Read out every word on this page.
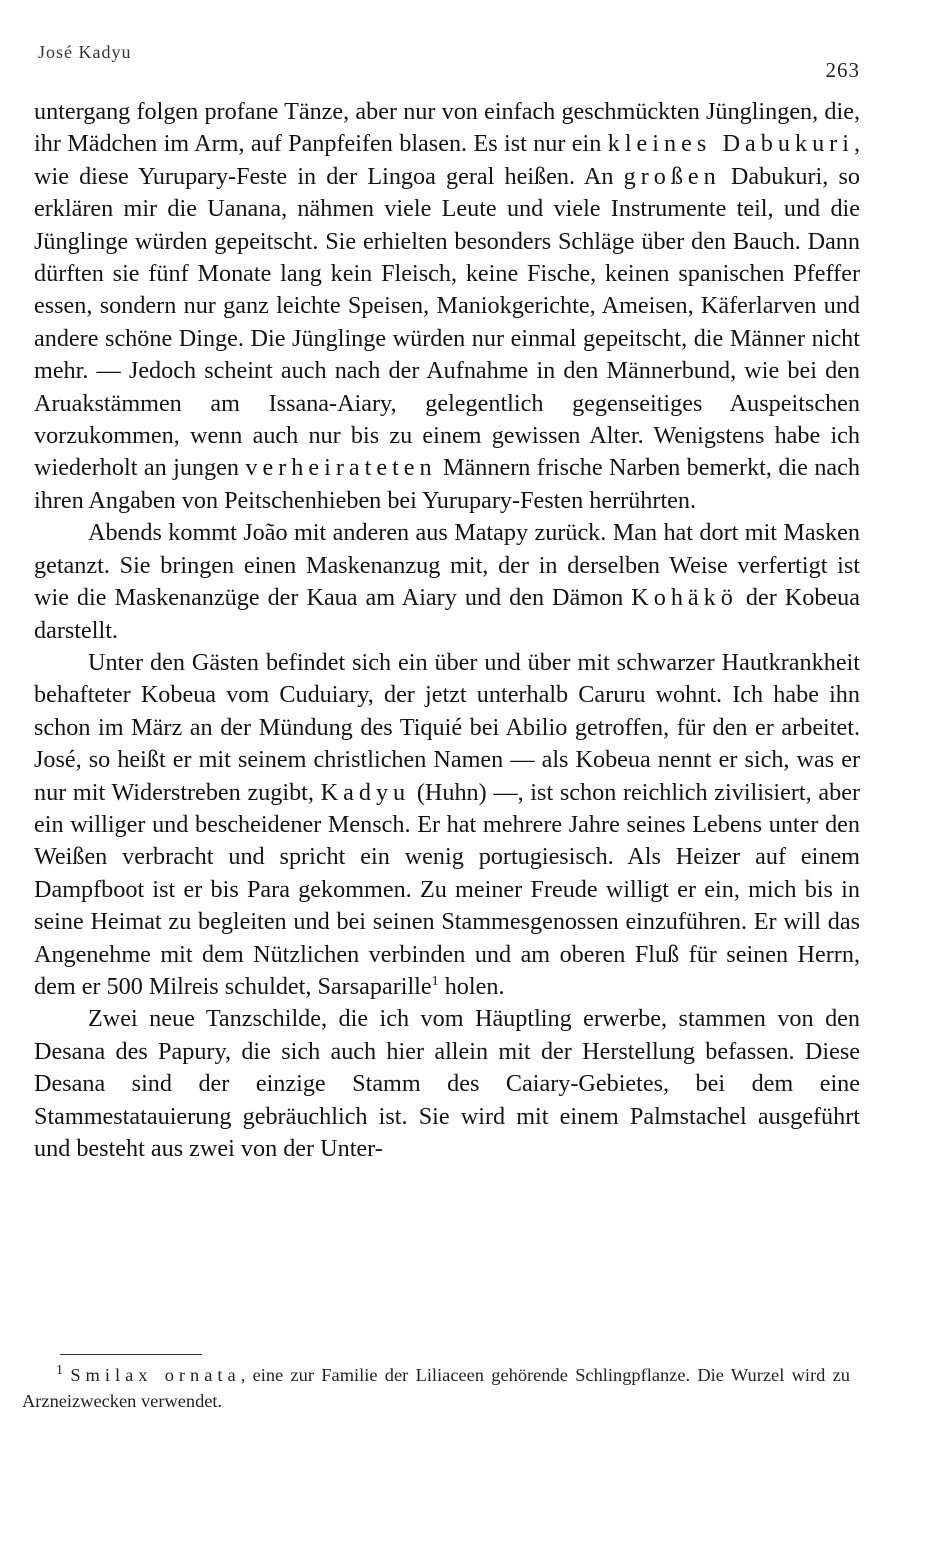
José Kadyu
263

untergang folgen profane Tänze, aber nur von einfach geschmückten Jünglingen, die, ihr Mädchen im Arm, auf Panpfeifen blasen. Es ist nur ein kleines Dabukuri, wie diese Yurupary-Feste in der Lingoa geral heißen. An großen Dabukuri, so erklären mir die Uanana, nähmen viele Leute und viele Instrumente teil, und die Jünglinge würden gepeitscht. Sie erhielten besonders Schläge über den Bauch. Dann dürften sie fünf Monate lang kein Fleisch, keine Fische, keinen spanischen Pfeffer essen, sondern nur ganz leichte Speisen, Maniokgerichte, Ameisen, Käferlarven und andere schöne Dinge. Die Jünglinge würden nur einmal gepeitscht, die Männer nicht mehr. — Jedoch scheint auch nach der Aufnahme in den Männerbund, wie bei den Aruakstämmen am Issana-Aiary, gelegentlich gegenseitiges Auspeitschen vorzukommen, wenn auch nur bis zu einem gewissen Alter. Wenigstens habe ich wiederholt an jungen verheirateten Männern frische Narben bemerkt, die nach ihren Angaben von Peitschenhieben bei Yurupary-Festen herrührten.

Abends kommt João mit anderen aus Matapy zurück. Man hat dort mit Masken getanzt. Sie bringen einen Maskenanzug mit, der in derselben Weise verfertigt ist wie die Maskenanzüge der Kaua am Aiary und den Dämon Kohäkö der Kobeua darstellt.

Unter den Gästen befindet sich ein über und über mit schwarzer Hautkrankheit behafteter Kobeua vom Cuduiary, der jetzt unterhalb Caruru wohnt. Ich habe ihn schon im März an der Mündung des Tiquié bei Abilio getroffen, für den er arbeitet. José, so heißt er mit seinem christlichen Namen — als Kobeua nennt er sich, was er nur mit Widerstreben zugibt, Kadyu (Huhn) —, ist schon reichlich zivilisiert, aber ein williger und bescheidener Mensch. Er hat mehrere Jahre seines Lebens unter den Weißen verbracht und spricht ein wenig portugiesisch. Als Heizer auf einem Dampfboot ist er bis Para gekommen. Zu meiner Freude willigt er ein, mich bis in seine Heimat zu begleiten und bei seinen Stammesgenossen einzuführen. Er will das Angenehme mit dem Nützlichen verbinden und am oberen Fluß für seinen Herrn, dem er 500 Milreis schuldet, Sarsaparille$^1$ holen.

Zwei neue Tanzschilde, die ich vom Häuptling erwerbe, stammen von den Desana des Papury, die sich auch hier allein mit der Herstellung befassen. Diese Desana sind der einzige Stamm des Caiary-Gebietes, bei dem eine Stammestatauierung gebräuchlich ist. Sie wird mit einem Palmstachel ausgeführt und besteht aus zwei von der Unter-

$^1$ Smilax ornata, eine zur Familie der Liliaceen gehörende Schlingpflanze. Die Wurzel wird zu Arzneizwecken verwendet.
